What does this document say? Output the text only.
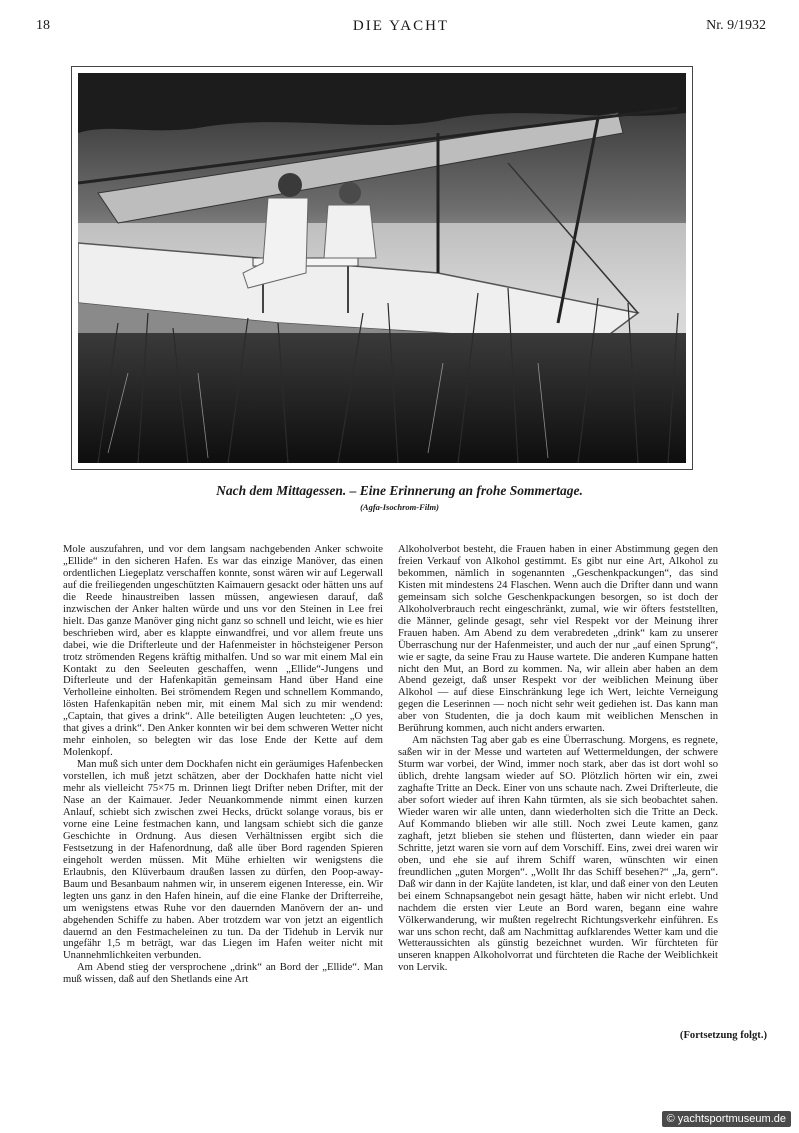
18	DIE YACHT	Nr. 9/1932
Nach dem Mittagessen. – Eine Erinnerung an frohe Sommertage.
(Agfa-Isochrom-Film)

Mole auszufahren, und vor dem langsam nachgebenden Anker schwoite „Ellide“ in den sicheren Hafen. Es war das einzige Manöver, das einen ordentlichen Liegeplatz verschaffen konnte, sonst wären wir auf Legerwall auf die freiliegenden ungeschützten Kaimauern gesackt oder hätten uns auf die Reede hinaustreiben lassen müssen, angewiesen darauf, daß inzwischen der Anker halten würde und uns vor den Steinen in Lee frei hielt. Das ganze Manöver ging nicht ganz so schnell und leicht, wie es hier beschrieben wird, aber es klappte einwandfrei, und vor allem freute uns dabei, wie die Drifterleute und der Hafenmeister in höchsteigener Person trotz strömenden Regens kräftig mithalfen. Und so war mit einem Mal ein Kontakt zu den Seeleuten geschaffen, wenn „Ellide“-Jungens und Difterleute und der Hafenkapitän gemeinsam Hand über Hand eine Verholleine einholten. Bei strömendem Regen und schnellem Kommando, lösten Hafenkapitän neben mir, mit einem Mal sich zu mir wendend: „Captain, that gives a drink“. Alle beteiligten Augen leuchteten: „O yes, that gives a drink“. Den Anker konnten wir bei dem schweren Wetter nicht mehr einholen, so belegten wir das lose Ende der Kette auf dem Molenkopf.

Man muß sich unter dem Dockhafen nicht ein geräumiges Hafenbecken vorstellen, ich muß jetzt schätzen, aber der Dockhafen hatte nicht viel mehr als vielleicht 75×75 m. Drinnen liegt Drifter neben Drifter, mit der Nase an der Kaimauer. Jeder Neuankommende nimmt einen kurzen Anlauf, schiebt sich zwischen zwei Hecks, drückt solange voraus, bis er vorne eine Leine festmachen kann, und langsam schiebt sich die ganze Geschichte in Ordnung. Aus diesen Verhältnissen ergibt sich die Festsetzung in der Hafenordnung, daß alle über Bord ragenden Spieren eingeholt werden müssen. Mit Mühe erhielten wir wenigstens die Erlaubnis, den Klüverbaum draußen lassen zu dürfen, den Poop-away-Baum und Besanbaum nahmen wir, in unserem eigenen Interesse, ein. Wir legten uns ganz in den Hafen hinein, auf die eine Flanke der Drifterreihe, um wenigstens etwas Ruhe vor den dauernden Manövern der an- und abgehenden Schiffe zu haben. Aber trotzdem war von jetzt an eigentlich dauernd an den Festmacheleinen zu tun. Da der Tidehub in Lervik nur ungefähr 1,5 m beträgt, war das Liegen im Hafen weiter nicht mit Unannehmlichkeiten verbunden.

Am Abend stieg der versprochene „drink“ an Bord der „Ellide“. Man muß wissen, daß auf den Shetlands eine Art

Alkoholverbot besteht, die Frauen haben in einer Abstimmung gegen den freien Verkauf von Alkohol gestimmt. Es gibt nur eine Art, Alkohol zu bekommen, nämlich in sogenannten „Geschenkpackungen“, das sind Kisten mit mindestens 24 Flaschen. Wenn auch die Drifter dann und wann gemeinsam sich solche Geschenkpackungen besorgen, so ist doch der Alkoholverbrauch recht eingeschränkt, zumal, wie wir öfters feststellten, die Männer, gelinde gesagt, sehr viel Respekt vor der Meinung ihrer Frauen haben. Am Abend zu dem verabredeten „drink“ kam zu unserer Überraschung nur der Hafenmeister, und auch der nur „auf einen Sprung“, wie er sagte, da seine Frau zu Hause wartete. Die anderen Kumpane hatten nicht den Mut, an Bord zu kommen. Na, wir allein aber haben an dem Abend gezeigt, daß unser Respekt vor der weiblichen Meinung über Alkohol — auf diese Einschränkung lege ich Wert, leichte Verneigung gegen die Leserinnen — noch nicht sehr weit gediehen ist. Das kann man aber von Studenten, die ja doch kaum mit weiblichen Menschen in Berührung kommen, auch nicht anders erwarten.

Am nächsten Tag aber gab es eine Überraschung. Morgens, es regnete, saßen wir in der Messe und warteten auf Wettermeldungen, der schwere Sturm war vorbei, der Wind, immer noch stark, aber das ist dort wohl so üblich, drehte langsam wieder auf SO. Plötzlich hörten wir ein, zwei zaghafte Tritte an Deck. Einer von uns schaute nach. Zwei Drifterleute, die aber sofort wieder auf ihren Kahn türmten, als sie sich beobachtet sahen. Wieder waren wir alle unten, dann wiederholten sich die Tritte an Deck. Auf Kommando blieben wir alle still. Noch zwei Leute kamen, ganz zaghaft, jetzt blieben sie stehen und flüsterten, dann wieder ein paar Schritte, jetzt waren sie vorn auf dem Vorschiff. Eins, zwei drei waren wir oben, und ehe sie auf ihrem Schiff waren, wünschten wir einen freundlichen „guten Morgen“. „Wollt Ihr das Schiff besehen?“ „Ja, gern“. Daß wir dann in der Kajüte landeten, ist klar, und daß einer von den Leuten bei einem Schnapsangebot nein gesagt hätte, haben wir nicht erlebt. Und nachdem die ersten vier Leute an Bord waren, begann eine wahre Völkerwanderung, wir mußten regelrecht Richtungsverkehr einführen. Es war uns schon recht, daß am Nachmittag aufklarendes Wetter kam und die Wetteraussichten als günstig bezeichnet wurden. Wir fürchteten für unseren knappen Alkoholvorrat und fürchteten die Rache der Weiblichkeit von Lervik.

(Fortsetzung folgt.)
© yachtsportmuseum.de
